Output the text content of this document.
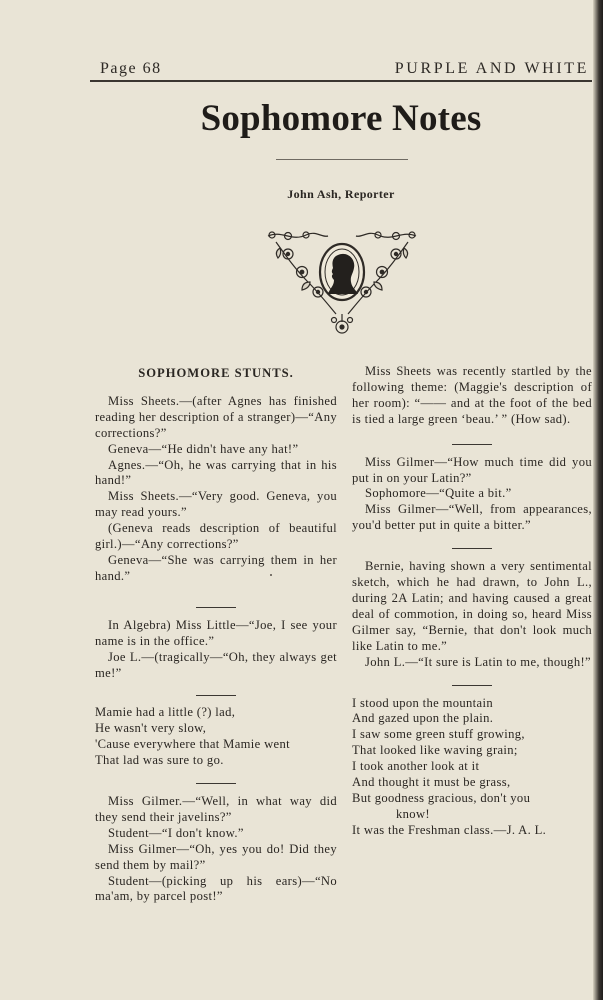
Page 68	PURPLE AND WHITE
Sophomore Notes
John Ash, Reporter
SOPHOMORE STUNTS.

Miss Sheets.—(after Agnes has finished reading her description of a stranger)—“Any corrections?”

Geneva—“He didn't have any hat!”

Agnes.—“Oh, he was carrying that in his hand!”

Miss Sheets.—“Very good. Geneva, you may read yours.”

(Geneva reads description of beautiful girl.)—“Any corrections?”

Geneva—“She was carrying them in her hand.”

In Algebra) Miss Little—“Joe, I see your name is in the office.”

Joe L.—(tragically—“Oh, they always get me!”

Mamie had a little (?) lad,

He wasn't very slow,

'Cause everywhere that Mamie went

That lad was sure to go.

Miss Gilmer.—“Well, in what way did they send their javelins?”

Student—“I don't know.”

Miss Gilmer—“Oh, yes you do! Did they send them by mail?”

Student—(picking up his ears)—“No ma'am, by parcel post!”

Miss Sheets was recently startled by the following theme: (Maggie's description of her room): “—— and at the foot of the bed is tied a large green ‘beau.’ ” (How sad).

Miss Gilmer—“How much time did you put in on your Latin?”

Sophomore—“Quite a bit.”

Miss Gilmer—“Well, from appearances, you'd better put in quite a bitter.”

Bernie, having shown a very sentimental sketch, which he had drawn, to John L., during 2A Latin; and having caused a great deal of commotion, in doing so, heard Miss Gilmer say, “Bernie, that don't look much like Latin to me.”

John L.—“It sure is Latin to me, though!”

I stood upon the mountain

And gazed upon the plain.

I saw some green stuff growing,

That looked like waving grain;

I took another look at it

And thought it must be grass,

But goodness gracious, don't you

know!

It was the Freshman class.—J. A. L.
